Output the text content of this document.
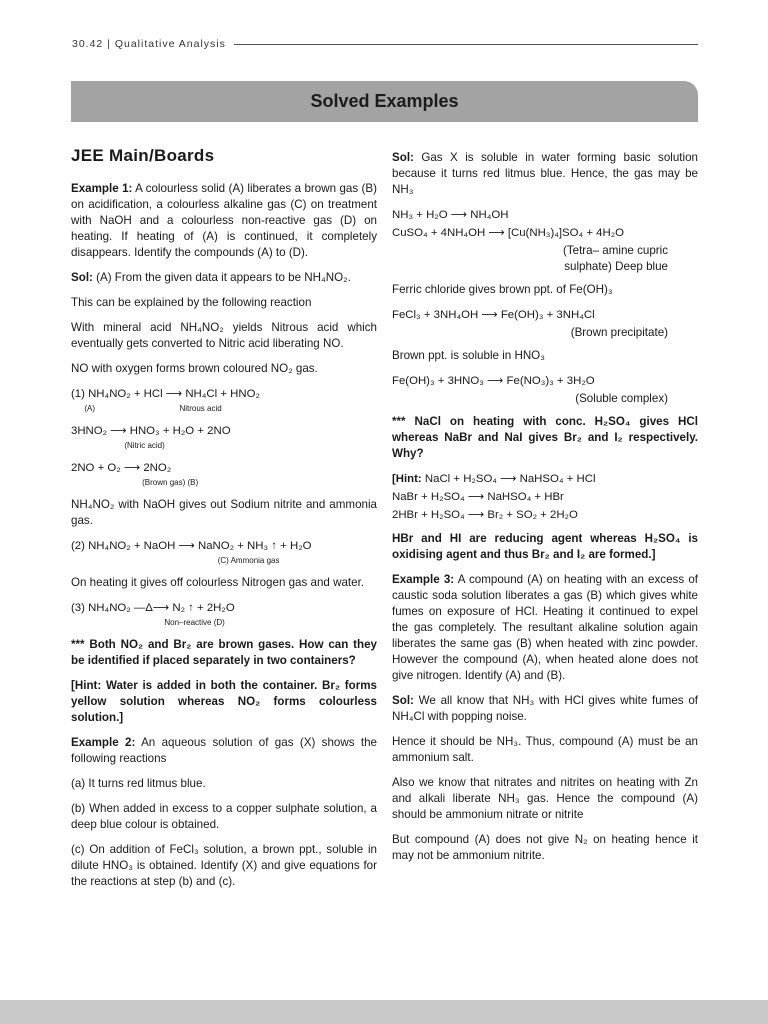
30.42 | Qualitative Analysis
Solved Examples
JEE Main/Boards

Example 1: A colourless solid (A) liberates a brown gas (B) on acidification, a colourless alkaline gas (C) on treatment with NaOH and a colourless non-reactive gas (D) on heating. If heating of (A) is continued, it completely disappears. Identify the compounds (A) to (D).

Sol: (A) From the given data it appears to be NH₄NO₂.

This can be explained by the following reaction

With mineral acid NH₄NO₂ yields Nitrous acid which eventually gets converted to Nitric acid liberating NO.

NO with oxygen forms brown coloured NO₂ gas.

(1) NH₄NO₂ + HCl ⟶ NH₄Cl + HNO₂

(A)                                      Nitrous acid

3HNO₂ ⟶ HNO₃ + H₂O + 2NO

(Nitric acid)

2NO + O₂ ⟶ 2NO₂

(Brown gas) (B)

NH₄NO₂ with NaOH gives out Sodium nitrite and ammonia gas.

(2) NH₄NO₂ + NaOH ⟶ NaNO₂ + NH₃ ↑ + H₂O

(C) Ammonia gas

On heating it gives off colourless Nitrogen gas and water.

(3) NH₄NO₂ —Δ⟶ N₂ ↑ + 2H₂O

Non–reactive (D)

*** Both NO₂ and Br₂ are brown gases. How can they be identified if placed separately in two containers?

[Hint: Water is added in both the container. Br₂ forms yellow solution whereas NO₂ forms colourless solution.]

Example 2: An aqueous solution of gas (X) shows the following reactions

(a) It turns red litmus blue.

(b) When added in excess to a copper sulphate solution, a deep blue colour is obtained.

(c) On addition of FeCl₃ solution, a brown ppt., soluble in dilute HNO₃ is obtained. Identify (X) and give equations for the reactions at step (b) and (c).

Sol: Gas X is soluble in water forming basic solution because it turns red litmus blue. Hence, the gas may be NH₃

NH₃ + H₂O ⟶ NH₄OH

CuSO₄ + 4NH₄OH ⟶ [Cu(NH₃)₄]SO₄ + 4H₂O

(Tetra– amine cupric
sulphate) Deep blue

Ferric chloride gives brown ppt. of Fe(OH)₃

FeCl₃ + 3NH₄OH ⟶ Fe(OH)₃ + 3NH₄Cl

(Brown precipitate)

Brown ppt. is soluble in HNO₃

Fe(OH)₃ + 3HNO₃ ⟶ Fe(NO₃)₃ + 3H₂O

(Soluble complex)

*** NaCl on heating with conc. H₂SO₄ gives HCl whereas NaBr and NaI gives Br₂ and I₂ respectively. Why?

[Hint: NaCl + H₂SO₄ ⟶ NaHSO₄ + HCl

NaBr + H₂SO₄ ⟶ NaHSO₄ + HBr

2HBr + H₂SO₄ ⟶ Br₂ + SO₂ + 2H₂O

HBr and HI are reducing agent whereas H₂SO₄ is oxidising agent and thus Br₂ and I₂ are formed.]

Example 3: A compound (A) on heating with an excess of caustic soda solution liberates a gas (B) which gives white fumes on exposure of HCl. Heating it continued to expel the gas completely. The resultant alkaline solution again liberates the same gas (B) when heated with zinc powder. However the compound (A), when heated alone does not give nitrogen. Identify (A) and (B).

Sol: We all know that NH₃ with HCl gives white fumes of NH₄Cl with popping noise.

Hence it should be NH₃. Thus, compound (A) must be an ammonium salt.

Also we know that nitrates and nitrites on heating with Zn and alkali liberate NH₃ gas. Hence the compound (A) should be ammonium nitrate or nitrite

But compound (A) does not give N₂ on heating hence it may not be ammonium nitrite.
